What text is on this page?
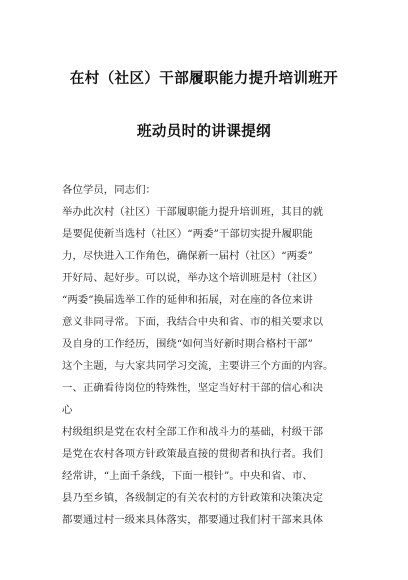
在村（社区）干部履职能力提升培训班开
班动员时的讲课提纲
各位学员，同志们：
举办此次村（社区）干部履职能力提升培训班，其目的就
是要促使新当选村（社区）“两委”干部切实提升履职能
力，尽快进入工作角色，确保新一届村（社区）“两委”
开好局、起好步。可以说，举办这个培训班是村（社区）
“两委”换届选举工作的延伸和拓展，对在座的各位来讲
意义非同寻常。下面，我结合中央和省、市的相关要求以
及自身的工作经历，围绕“如何当好新时期合格村干部”
这个主题，与大家共同学习交流，主要讲三个方面的内容。
一、正确看待岗位的特殊性，坚定当好村干部的信心和决
心
村级组织是党在农村全部工作和战斗力的基础，村级干部
是党在农村各项方针政策最直接的贯彻者和执行者。我们
经常讲，“上面千条线，下面一根针”。中央和省、市、
县乃至乡镇，各级制定的有关农村的方针政策和决策决定
都要通过村一级来具体落实，都要通过我们村干部来具体
